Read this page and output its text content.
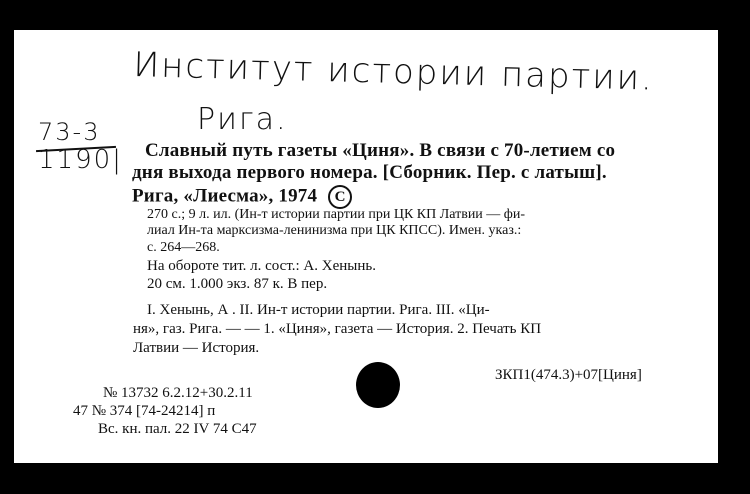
Институт истории партии.
Рига.
73-3
1190| Славный путь газеты «Циня». В связи с 70-летием со
дня выхода первого номера. [Сборник. Пер. с латыш].
Рига, «Лиесма», 1974 C
270 с.; 9 л. ил. (Ин-т истории партии при ЦК КП Латвии — фи-
лиал Ин-та марксизма-ленинизма при ЦК КПСС). Имен. указ.:
с. 264—268.
На обороте тит. л. сост.: А. Хенынь.
20 см. 1.000 экз. 87 к. В пер.
I. Хенынь, А . II. Ин-т истории партии. Рига. III. «Ци-
ня», газ. Рига. — — 1. «Циня», газета — История. 2. Печать КП
Латвии — История.
ЗКП1(474.3)+07[Циня]
№ 13732 6.2.12+30.2.11
47 № 374 [74-24214] п
Вс. кн. пал. 22 IV 74 С47
